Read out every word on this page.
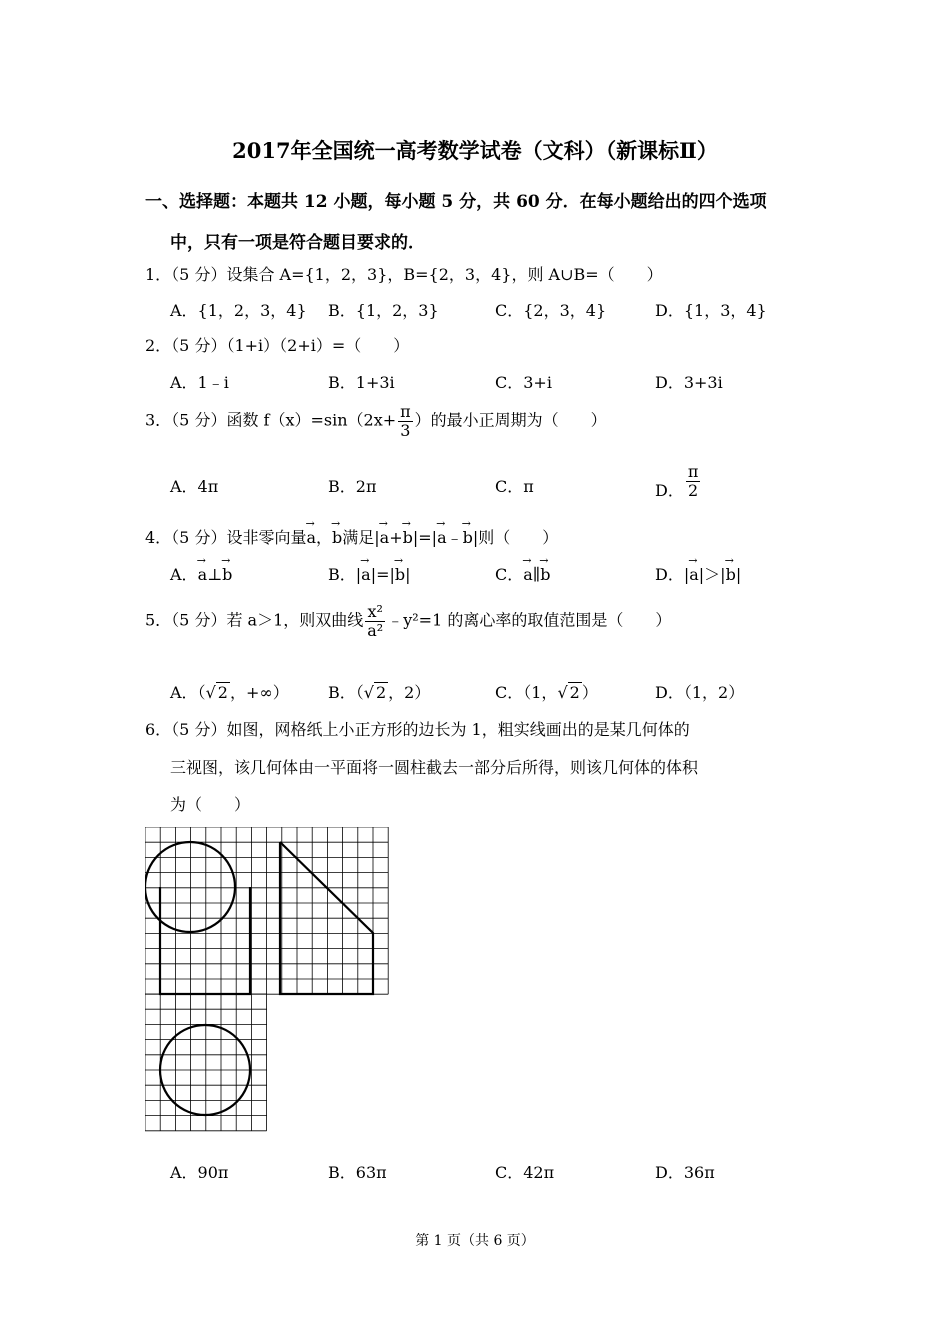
2017年全国统一高考数学试卷（文科）（新课标Ⅱ）
一、选择题：本题共 12 小题，每小题 5 分，共 60 分．在每小题给出的四个选项
中，只有一项是符合题目要求的．
1．（5 分）设集合 A={1，2，3}，B={2，3，4}，则 A∪B=（　　）
A．{1，2，3，4} B．{1，2，3}	C．{2，3，4}	D．{1，3，4}
2．（5 分）（1+i）（2+i）=（　　）
A．1﹣i	B．1+3i	C．3+i	D．3+3i
3．（5 分）函数 $f(x)=\sin(2x+ \frac{\pi}{3}$ ）的最小正周期为（　　）
A．4π	B．2π	C．π	D． $\frac{\pi}{2}$
4．（5 分）设非零向量→ a，→ b满足|→ a+→ b|=|→ a﹣→ b|则（　　）
A．→ a⊥→ b	B．|→ a|=|→ b|	C．→ a∥→ b	D．|→ a|＞|→ b|
5．（5 分）若 a＞1，则双曲线 $\frac{\text{x²}}{\text{a²}}$ ﹣y²=1 的离心率的取值范围是（　　）
A．（√ 2 ，+∞） B．（√ 2 ，2）	C．（1，√ 2 ）	D．（1，2）
6．（5 分）如图，网格纸上小正方形的边长为 1，粗实线画出的是某几何体的
三视图，该几何体由一平面将一圆柱截去一部分后所得，则该几何体的体积
为（　　）
A．90π	B．63π	C．42π	D．36π
第 1 页（共 6 页）
